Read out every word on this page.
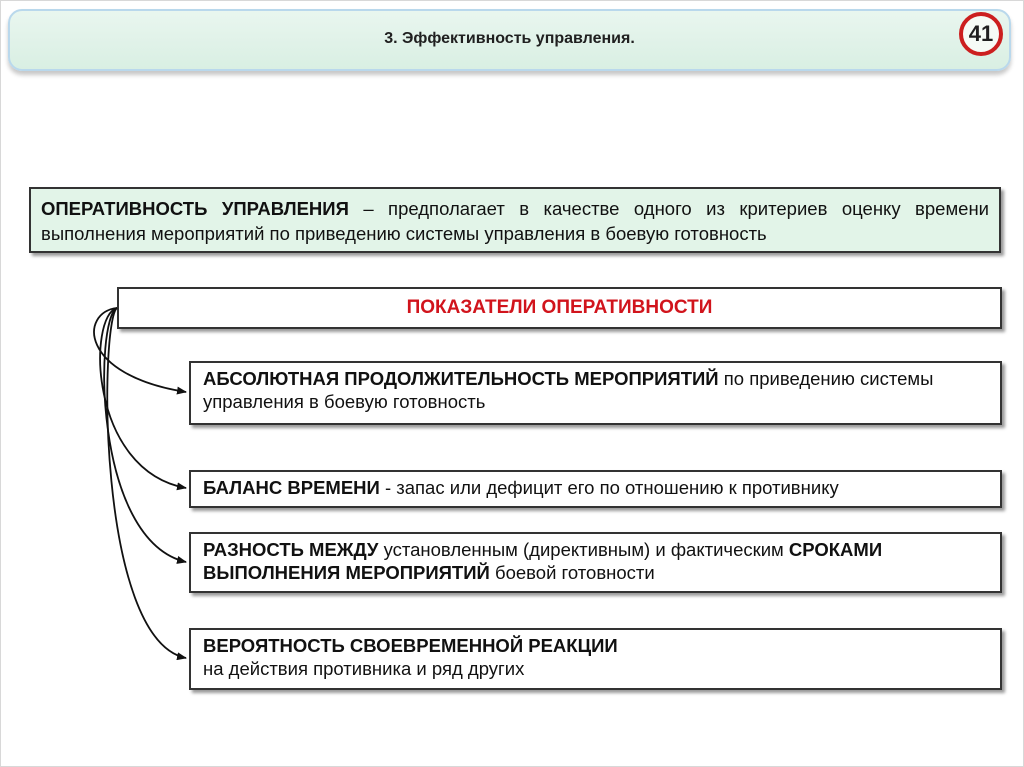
3. Эффективность управления.	41
ОПЕРАТИВНОСТЬ УПРАВЛЕНИЯ – предполагает в качестве одного из критериев оценку времени выполнения мероприятий по приведению системы управления в боевую готовность
ПОКАЗАТЕЛИ ОПЕРАТИВНОСТИ
АБСОЛЮТНАЯ ПРОДОЛЖИТЕЛЬНОСТЬ МЕРОПРИЯТИЙ по приведению системы управления в боевую готовность
БАЛАНС ВРЕМЕНИ - запас или дефицит его по отношению к противнику
РАЗНОСТЬ МЕЖДУ установленным (директивным) и фактическим СРОКАМИ ВЫПОЛНЕНИЯ МЕРОПРИЯТИЙ боевой готовности
ВЕРОЯТНОСТЬ СВОЕВРЕМЕННОЙ РЕАКЦИИ
на действия противника и ряд других
